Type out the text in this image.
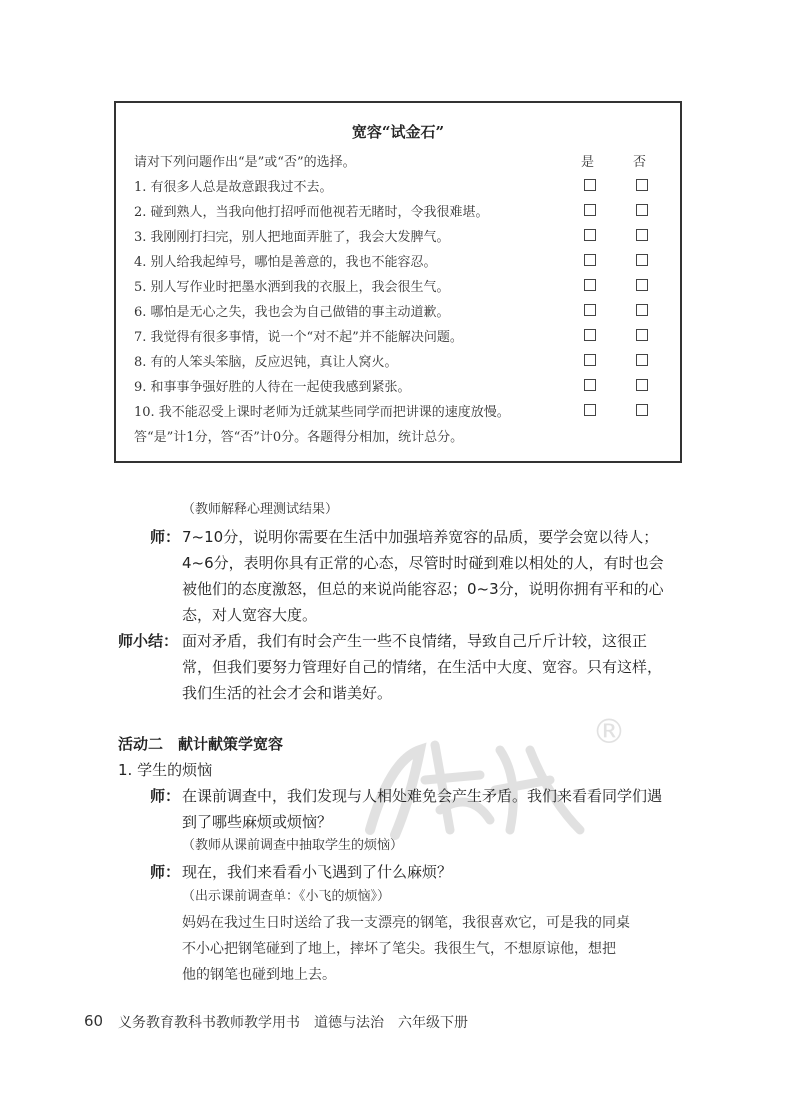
®
宽容“试金石”
请对下列问题作出“是”或“否”的选择。	是	否
1. 有很多人总是故意跟我过不去。
2. 碰到熟人，当我向他打招呼而他视若无睹时，令我很难堪。
3. 我刚刚打扫完，别人把地面弄脏了，我会大发脾气。
4. 别人给我起绰号，哪怕是善意的，我也不能容忍。
5. 别人写作业时把墨水洒到我的衣服上，我会很生气。
6. 哪怕是无心之失，我也会为自己做错的事主动道歉。
7. 我觉得有很多事情，说一个“对不起”并不能解决问题。
8. 有的人笨头笨脑，反应迟钝，真让人窝火。
9. 和事事争强好胜的人待在一起使我感到紧张。
10. 我不能忍受上课时老师为迁就某些同学而把讲课的速度放慢。
答“是”计1分，答“否”计0分。各题得分相加，统计总分。
（教师解释心理测试结果）
师： 7~10分，说明你需要在生活中加强培养宽容的品质，要学会宽以待人；
4~6分，表明你具有正常的心态，尽管时时碰到难以相处的人，有时也会
被他们的态度激怒，但总的来说尚能容忍；0~3分，说明你拥有平和的心
态，对人宽容大度。
师小结： 面对矛盾，我们有时会产生一些不良情绪，导致自己斤斤计较，这很正
常，但我们要努力管理好自己的情绪，在生活中大度、宽容。只有这样，
我们生活的社会才会和谐美好。
活动二　献计献策学宽容
1. 学生的烦恼
师： 在课前调查中，我们发现与人相处难免会产生矛盾。我们来看看同学们遇
到了哪些麻烦或烦恼？
（教师从课前调查中抽取学生的烦恼）
师： 现在，我们来看看小飞遇到了什么麻烦？
（出示课前调查单：《小飞的烦恼》）
妈妈在我过生日时送给了我一支漂亮的钢笔，我很喜欢它，可是我的同桌
不小心把钢笔碰到了地上，摔坏了笔尖。我很生气，不想原谅他，想把
他的钢笔也碰到地上去。
60 义务教育教科书教师教学用书　道德与法治　六年级下册
